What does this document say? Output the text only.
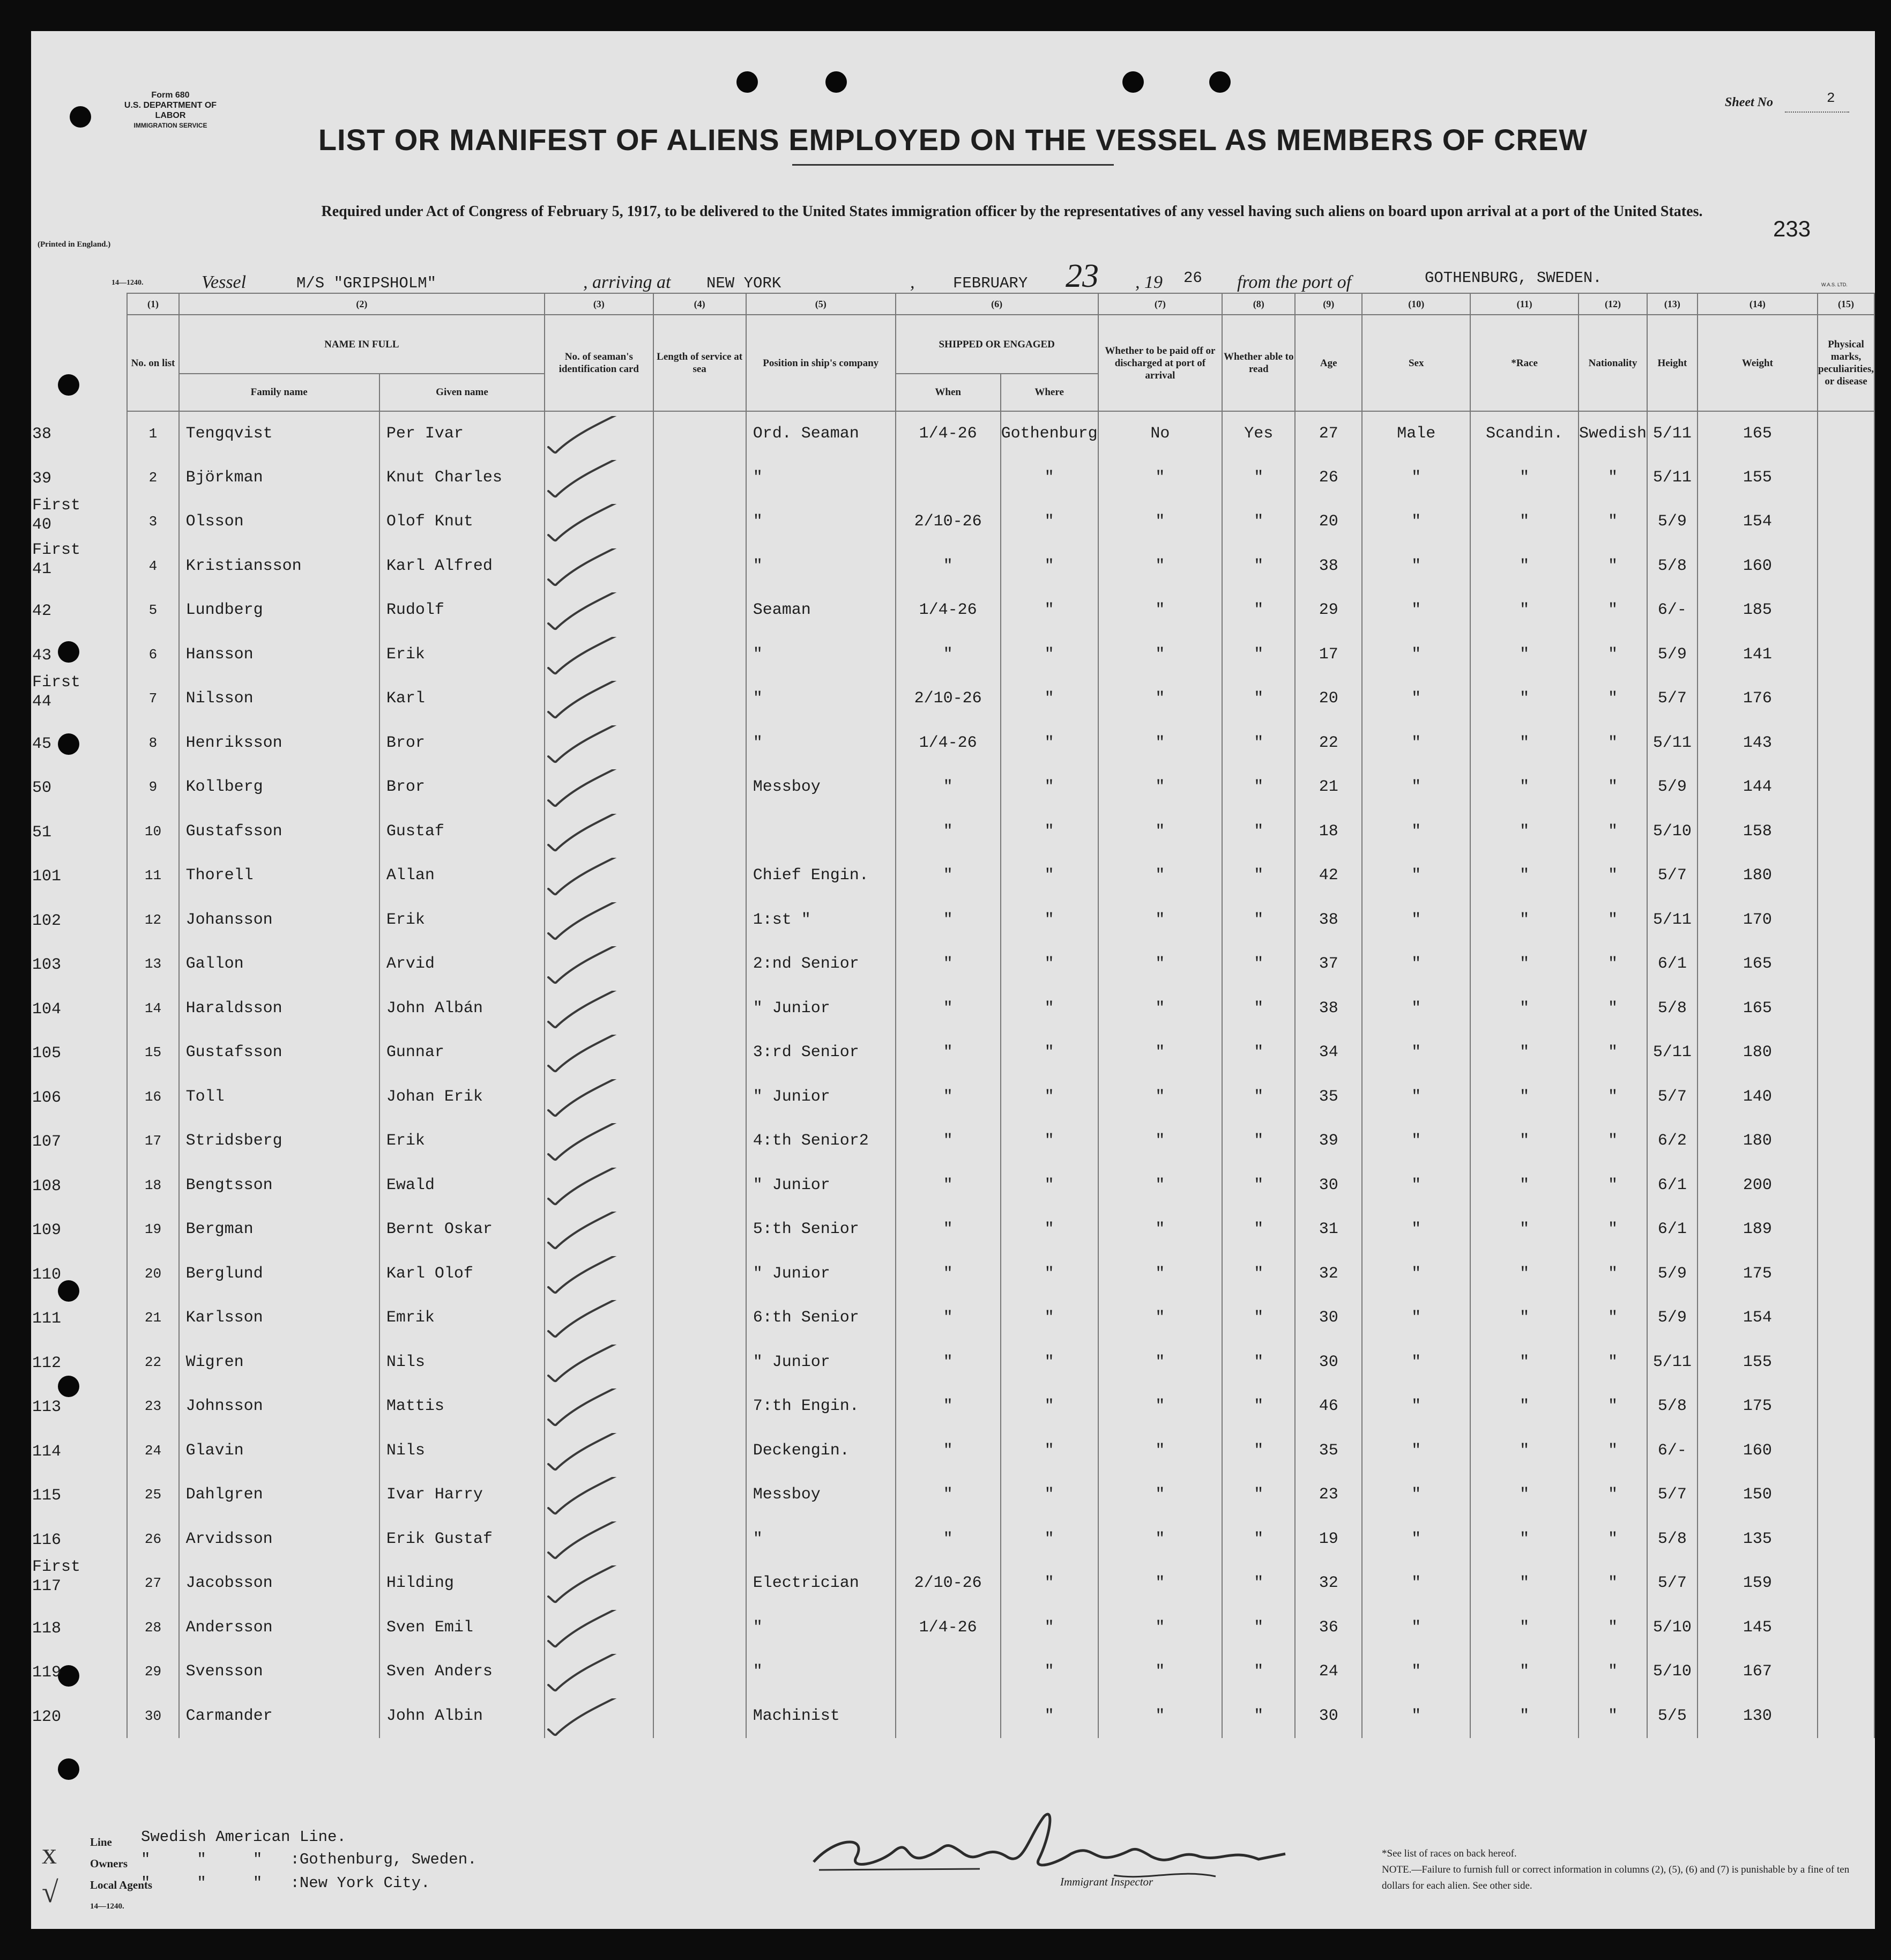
Form 680
U.S. DEPARTMENT OF LABOR
IMMIGRATION SERVICE
Sheet No	2
LIST OR MANIFEST OF ALIENS EMPLOYED ON THE VESSEL AS MEMBERS OF CREW
Required under Act of Congress of February 5, 1917, to be delivered to the United States immigration officer by the representatives of any vessel having such aliens on board upon arrival at a port of the United States.
233
(Printed in England.)
14—1240.	Vessel	M/S "GRIPSHOLM"	, arriving at NEW YORK	, FEBRUARY 23 , 19 26 from the port of	GOTHENBURG, SWEDEN.	W.A.S. LTD.
		(1)	(2)		(3)	(4)	(5)	(6)		(7)	(8)	(9)	(10)	(11)	(12)	(13)	(14)	(15)
		No. on list	NAME IN FULL		No. of seaman's identification card	Length of service at sea	Position in ship's company	SHIPPED OR ENGAGED		Whether to be paid off or discharged at port of arrival	Whether able to read	Age	Sex	*Race	Nationality	Height	Weight	Physical marks, peculiarities, or disease
			Family name	Given name				When	Where									

38		1	Tengqvist	Per Ivar			Ord. Seaman	1/4-26	Gothenburg	No	Yes	27	Male	Scandin.	Swedish	5/11	165	

39		2	Björkman	Knut Charles			"		"	"	"	26	"	"	"	5/11	155	

First
40		3	Olsson	Olof Knut			"	2/10-26	"	"	"	20	"	"	"	5/9	154	

First
41		4	Kristiansson	Karl Alfred			"	"	"	"	"	38	"	"	"	5/8	160	

42		5	Lundberg	Rudolf			Seaman	1/4-26	"	"	"	29	"	"	"	6/-	185	

43		6	Hansson	Erik			"	"	"	"	"	17	"	"	"	5/9	141	

First
44		7	Nilsson	Karl			"	2/10-26	"	"	"	20	"	"	"	5/7	176	

45		8	Henriksson	Bror			"	1/4-26	"	"	"	22	"	"	"	5/11	143	

50		9	Kollberg	Bror			Messboy	"	"	"	"	21	"	"	"	5/9	144	

51		10	Gustafsson	Gustaf				"	"	"	"	18	"	"	"	5/10	158	

101		11	Thorell	Allan			Chief Engin.	"	"	"	"	42	"	"	"	5/7	180	

102		12	Johansson	Erik			1:st "	"	"	"	"	38	"	"	"	5/11	170	

103		13	Gallon	Arvid			2:nd Senior	"	"	"	"	37	"	"	"	6/1	165	

104		14	Haraldsson	John Albán			" Junior	"	"	"	"	38	"	"	"	5/8	165	

105		15	Gustafsson	Gunnar			3:rd Senior	"	"	"	"	34	"	"	"	5/11	180	

106		16	Toll	Johan Erik			" Junior	"	"	"	"	35	"	"	"	5/7	140	

107		17	Stridsberg	Erik			4:th Senior2	"	"	"	"	39	"	"	"	6/2	180	

108		18	Bengtsson	Ewald			" Junior	"	"	"	"	30	"	"	"	6/1	200	

109		19	Bergman	Bernt Oskar			5:th Senior	"	"	"	"	31	"	"	"	6/1	189	

110		20	Berglund	Karl Olof			" Junior	"	"	"	"	32	"	"	"	5/9	175	

111		21	Karlsson	Emrik			6:th Senior	"	"	"	"	30	"	"	"	5/9	154	

112		22	Wigren	Nils			" Junior	"	"	"	"	30	"	"	"	5/11	155	

113		23	Johnsson	Mattis			7:th Engin.	"	"	"	"	46	"	"	"	5/8	175	

114		24	Glavin	Nils			Deckengin.	"	"	"	"	35	"	"	"	6/-	160	

115		25	Dahlgren	Ivar Harry			Messboy	"	"	"	"	23	"	"	"	5/7	150	

116		26	Arvidsson	Erik Gustaf			"	"	"	"	"	19	"	"	"	5/8	135	

First
117		27	Jacobsson	Hilding			Electrician	2/10-26	"	"	"	32	"	"	"	5/7	159	

118		28	Andersson	Sven Emil			"	1/4-26	"	"	"	36	"	"	"	5/10	145	

119		29	Svensson	Sven Anders			"		"	"	"	24	"	"	"	5/10	167	

120		30	Carmander	John Albin			Machinist		"	"	"	30	"	"	"	5/5	130	
Line Swedish American Line.
Owners "     "     "   :Gothenburg, Sweden.
Local Agents
"     "     "   :New York City.
14—1240.
x
√	Immigrant Inspector
*See list of races on back hereof.
NOTE.—Failure to furnish full or correct information in columns (2), (5), (6) and (7) is punishable by a fine of ten dollars for each alien. See other side.
